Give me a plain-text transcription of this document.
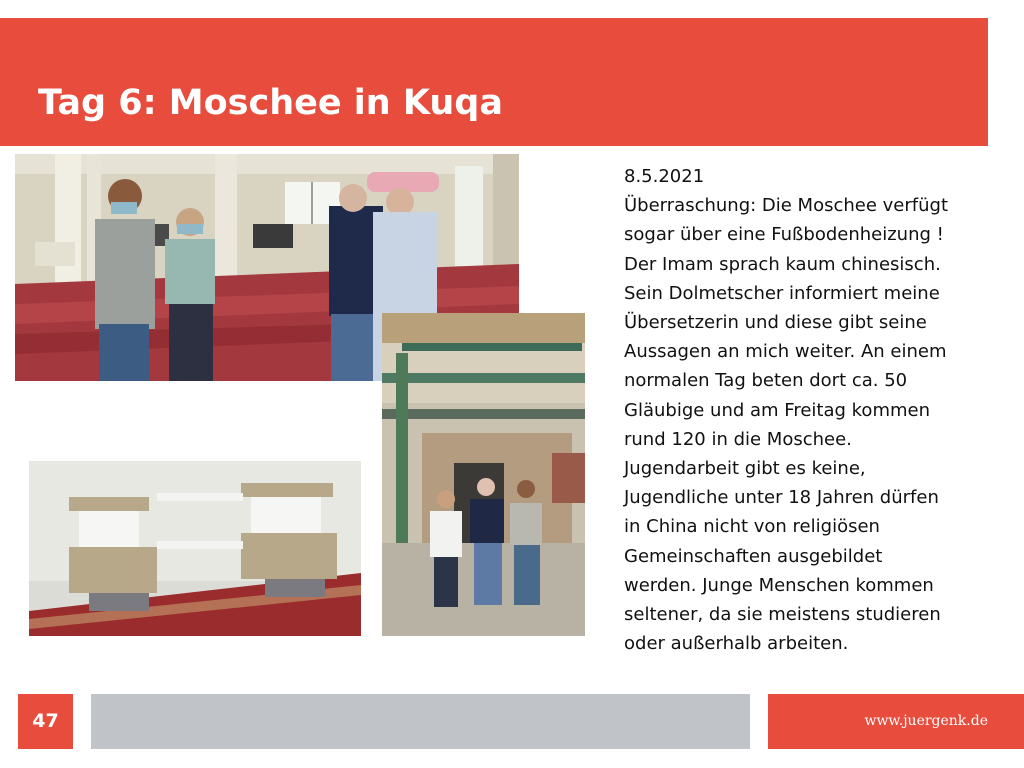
Tag 6: Moschee in Kuqa
8.5.2021
Überraschung: Die Moschee verfügt
sogar über eine Fußbodenheizung !
Der Imam sprach kaum chinesisch.
Sein Dolmetscher informiert meine
Übersetzerin und diese gibt seine
Aussagen an mich weiter. An einem
normalen Tag beten dort ca. 50
Gläubige und am Freitag kommen
rund 120 in die Moschee.
Jugendarbeit gibt es keine,
Jugendliche unter 18 Jahren dürfen
in China nicht von religiösen
Gemeinschaften ausgebildet
werden. Junge Menschen kommen
seltener, da sie meistens studieren
oder außerhalb arbeiten.
47	www.juergenk.de
